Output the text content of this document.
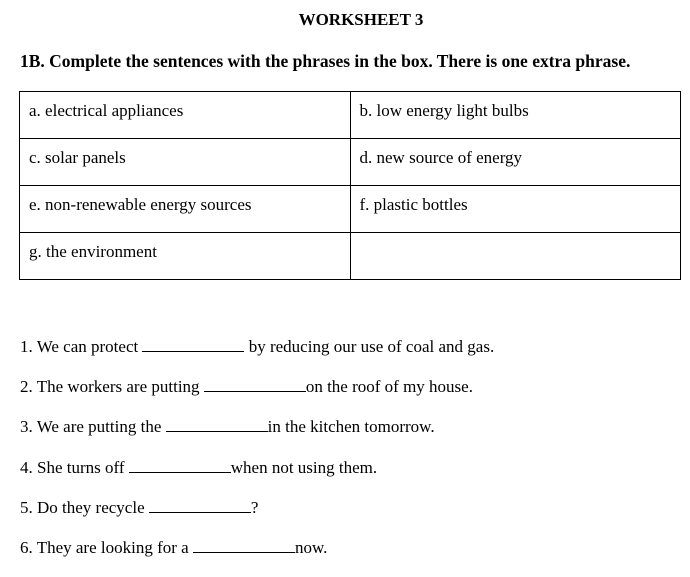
WORKSHEET 3
1B. Complete the sentences with the phrases in the box. There is one extra phrase.
a. electrical appliances	b. low energy light bulbs
c. solar panels	d. new source of energy
e. non-renewable energy sources	f. plastic bottles
g. the environment	
1. We can protect	by reducing our use of coal and gas.
2. The workers are putting	on the roof of my house.
3. We are putting the	in the kitchen tomorrow.
4. She turns off	when not using them.
5. Do they recycle	?
6. They are looking for a	now.
